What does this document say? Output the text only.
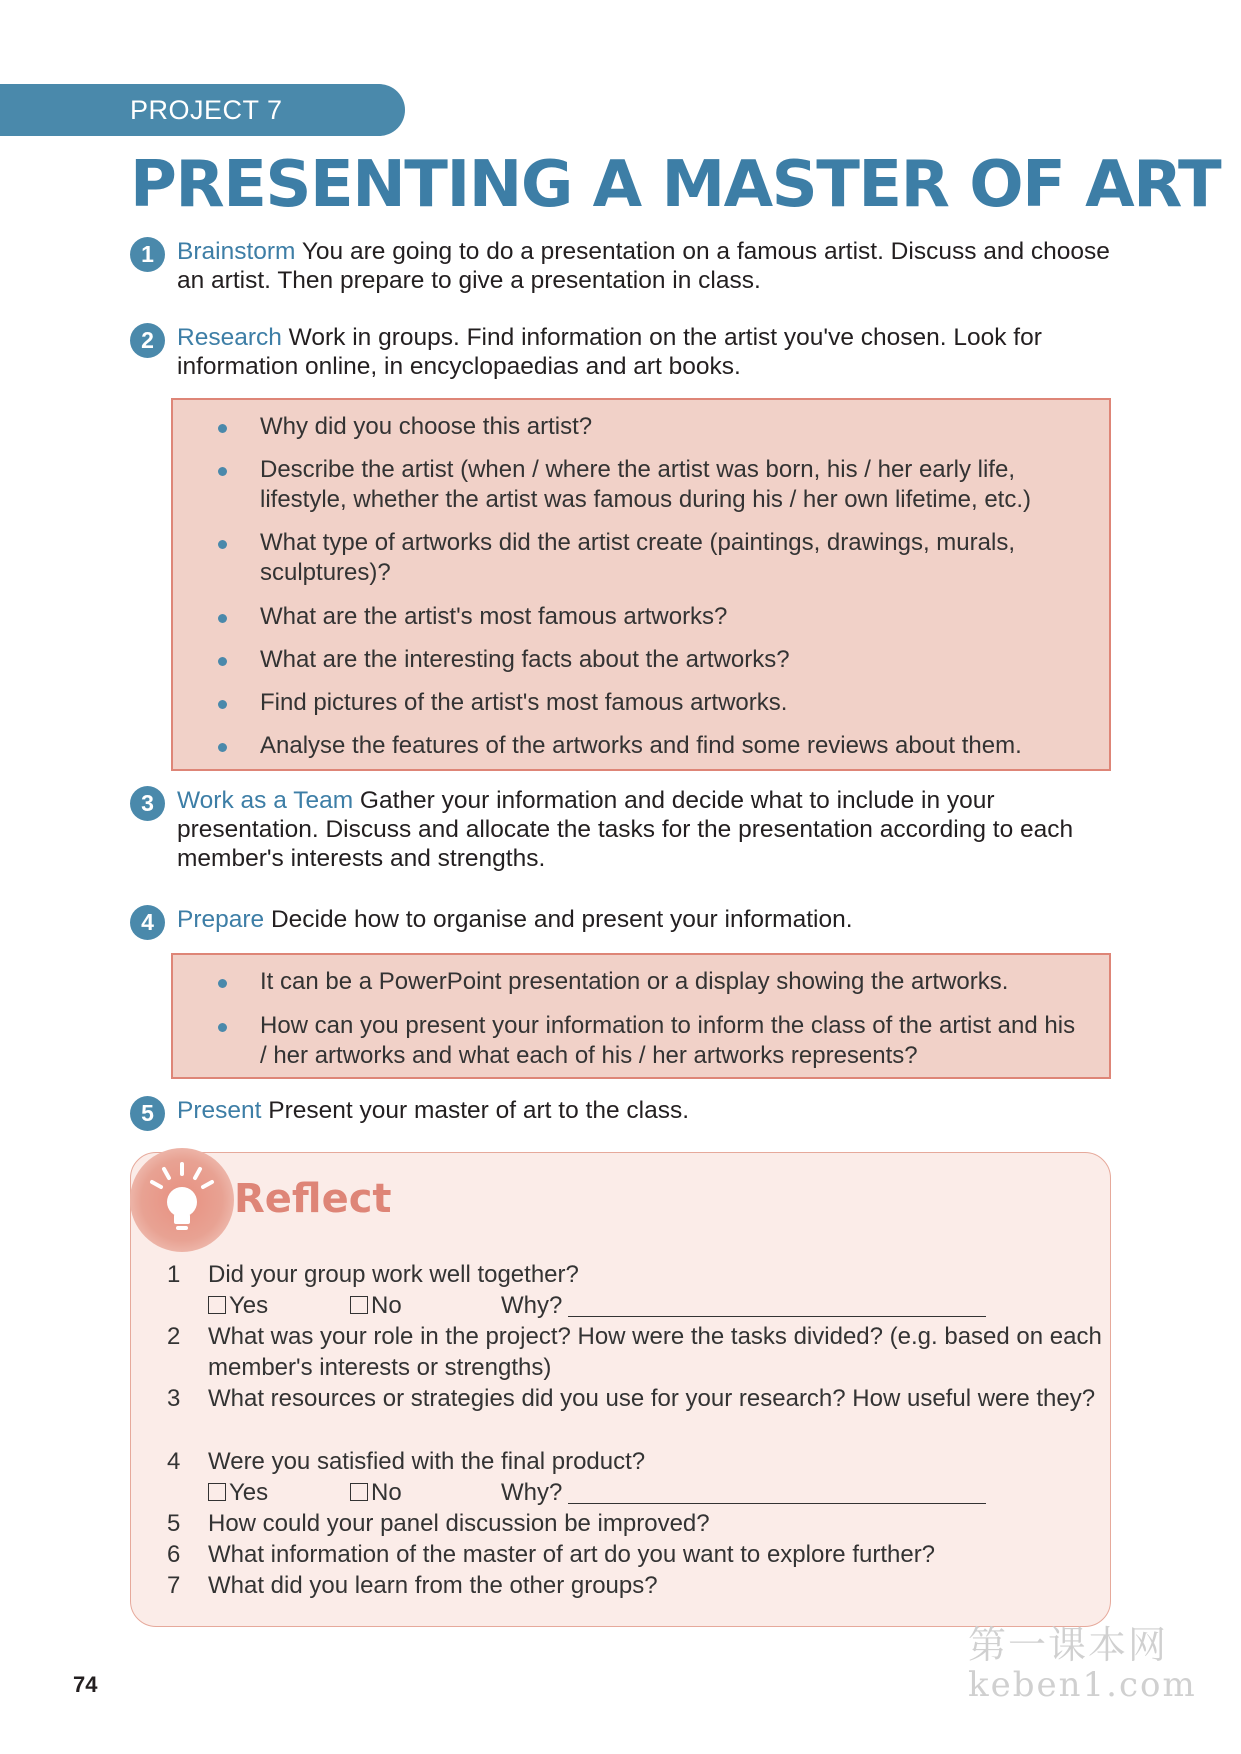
PROJECT 7
PRESENTING A MASTER OF ART
1 Brainstorm You are going to do a presentation on a famous artist. Discuss and choose an artist. Then prepare to give a presentation in class.
2 Research Work in groups. Find information on the artist you've chosen. Look for information online, in encyclopaedias and art books.
Why did you choose this artist?
Describe the artist (when / where the artist was born, his / her early life, lifestyle, whether the artist was famous during his / her own lifetime, etc.)
What type of artworks did the artist create (paintings, drawings, murals, sculptures)?
What are the artist's most famous artworks?
What are the interesting facts about the artworks?
Find pictures of the artist's most famous artworks.
Analyse the features of the artworks and find some reviews about them.
3 Work as a Team Gather your information and decide what to include in your presentation. Discuss and allocate the tasks for the presentation according to each member's interests and strengths.
4 Prepare Decide how to organise and present your information.
It can be a PowerPoint presentation or a display showing the artworks.
How can you present your information to inform the class of the artist and his / her artworks and what each of his / her artworks represents?
5 Present Present your master of art to the class.
Reflect
1	Did your group work well together?
Yes	No	Why?
2	What was your role in the project? How were the tasks divided? (e.g. based on each member's interests or strengths)
3	What resources or strategies did you use for your research? How useful were they?
4	Were you satisfied with the final product?
Yes	No	Why?
5	How could your panel discussion be improved?
6	What information of the master of art do you want to explore further?
7	What did you learn from the other groups?
74
第一课本网
keben1.com
